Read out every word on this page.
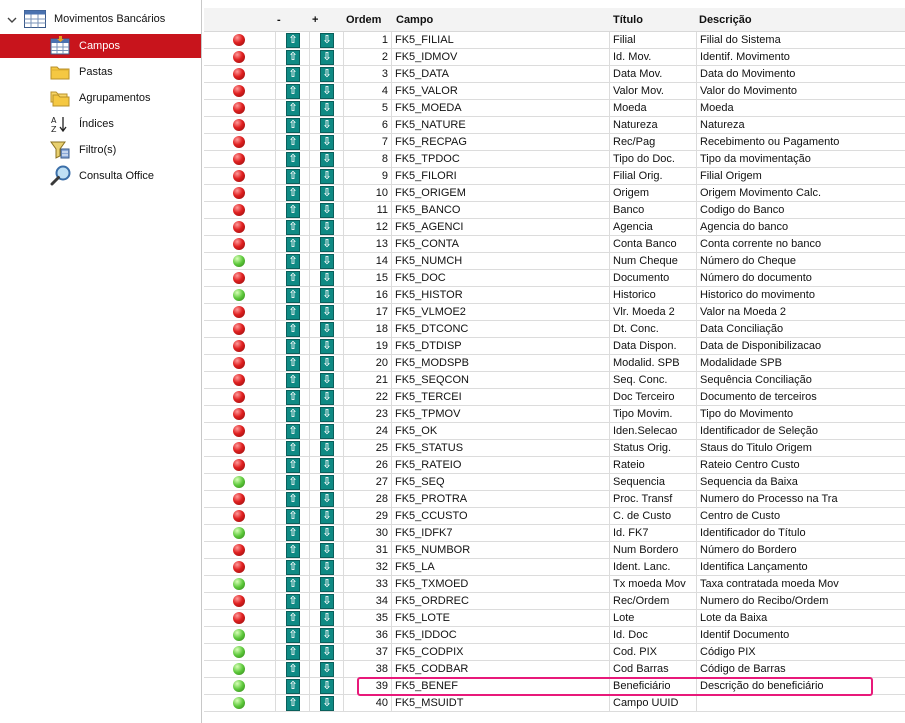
Movimentos Bancários
Campos
Pastas
Agrupamentos
A
Z Índices
Filtro(s)
Consulta Office
-	+	Ordem Campo	Título	Descrição
⇧ ⇩	1 FK5_FILIAL	Filial	Filial do Sistema
⇧ ⇩	2 FK5_IDMOV	Id. Mov.	Identif. Movimento
⇧ ⇩	3 FK5_DATA	Data Mov.	Data do Movimento
⇧ ⇩	4 FK5_VALOR	Valor Mov.	Valor do Movimento
⇧ ⇩	5 FK5_MOEDA	Moeda	Moeda
⇧ ⇩	6 FK5_NATURE	Natureza	Natureza
⇧ ⇩	7 FK5_RECPAG	Rec/Pag	Recebimento ou Pagamento
⇧ ⇩	8 FK5_TPDOC	Tipo do Doc.	Tipo da movimentação
⇧ ⇩	9 FK5_FILORI	Filial Orig.	Filial Origem
⇧ ⇩	10 FK5_ORIGEM	Origem	Origem Movimento Calc.
⇧ ⇩	11 FK5_BANCO	Banco	Codigo do Banco
⇧ ⇩	12 FK5_AGENCI	Agencia	Agencia do banco
⇧ ⇩	13 FK5_CONTA	Conta Banco	Conta corrente no banco
⇧ ⇩	14 FK5_NUMCH	Num Cheque	Número do Cheque
⇧ ⇩	15 FK5_DOC	Documento	Número do documento
⇧ ⇩	16 FK5_HISTOR	Historico	Historico do movimento
⇧ ⇩	17 FK5_VLMOE2	Vlr. Moeda 2	Valor na Moeda 2
⇧ ⇩	18 FK5_DTCONC	Dt. Conc.	Data Conciliação
⇧ ⇩	19 FK5_DTDISP	Data Dispon.	Data de Disponibilizacao
⇧ ⇩	20 FK5_MODSPB	Modalid. SPB	Modalidade SPB
⇧ ⇩	21 FK5_SEQCON	Seq. Conc.	Sequência Conciliação
⇧ ⇩	22 FK5_TERCEI	Doc Terceiro	Documento de terceiros
⇧ ⇩	23 FK5_TPMOV	Tipo Movim.	Tipo do Movimento
⇧ ⇩	24 FK5_OK	Iden.Selecao	Identificador de Seleção
⇧ ⇩	25 FK5_STATUS	Status Orig.	Staus do Titulo Origem
⇧ ⇩	26 FK5_RATEIO	Rateio	Rateio Centro Custo
⇧ ⇩	27 FK5_SEQ	Sequencia	Sequencia da Baixa
⇧ ⇩	28 FK5_PROTRA	Proc. Transf	Numero do Processo na Tra
⇧ ⇩	29 FK5_CCUSTO	C. de Custo	Centro de Custo
⇧ ⇩	30 FK5_IDFK7	Id. FK7	Identificador do Título
⇧ ⇩	31 FK5_NUMBOR	Num Bordero	Número do Bordero
⇧ ⇩	32 FK5_LA	Ident. Lanc.	Identifica Lançamento
⇧ ⇩	33 FK5_TXMOED	Tx moeda Mov	Taxa contratada moeda Mov
⇧ ⇩	34 FK5_ORDREC	Rec/Ordem	Numero do Recibo/Ordem
⇧ ⇩	35 FK5_LOTE	Lote	Lote da Baixa
⇧ ⇩	36 FK5_IDDOC	Id. Doc	Identif Documento
⇧ ⇩	37 FK5_CODPIX	Cod. PIX	Código PIX
⇧ ⇩	38 FK5_CODBAR	Cod Barras	Código de Barras
⇧ ⇩	39 FK5_BENEF	Beneficiário	Descrição do beneficiário
⇧ ⇩	40 FK5_MSUIDT	Campo UUID
